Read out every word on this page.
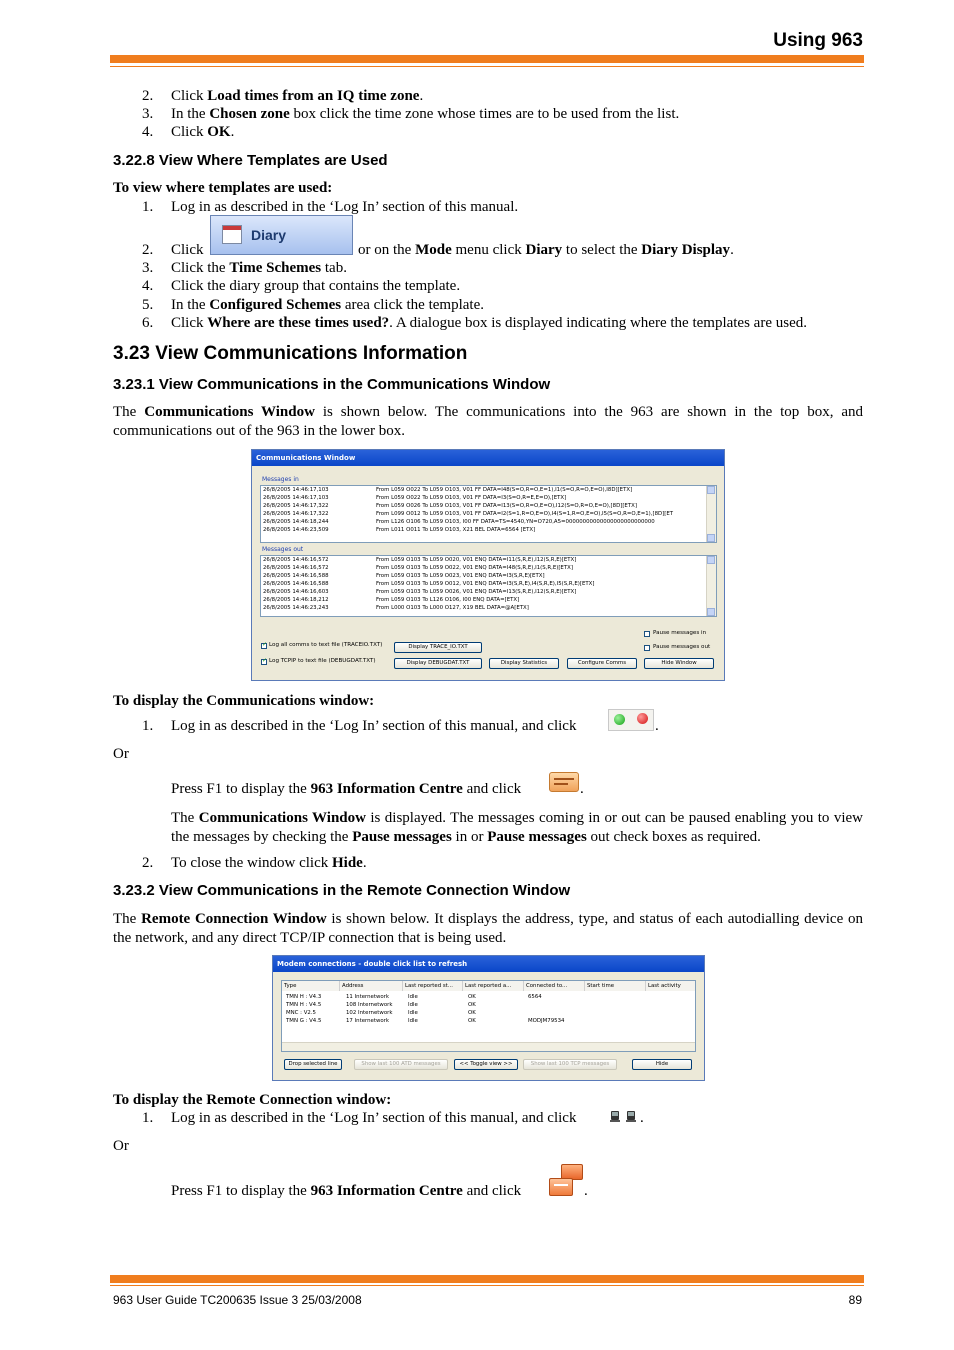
Using 963
2. Click Load times from an IQ time zone.
3. In the Chosen zone box click the time zone whose times are to be used from the list.
4. Click OK.
3.22.8 View Where Templates are Used
To view where templates are used:
1. Log in as described in the ‘Log In’ section of this manual.
2. Click
Diary
or on the Mode menu click Diary to select the Diary Display.
3. Click the Time Schemes tab.
4. Click the diary group that contains the template.
5. In the Configured Schemes area click the template.
6. Click Where are these times used?. A dialogue box is displayed indicating where the templates are used.
3.23 View Communications Information
3.23.1 View Communications in the Communications Window
The Communications Window is shown below. The communications into the 963 are shown in the top box, and communications out of the 963 in the lower box.
Communications Window
Messages in
26/8/2005 14:46:17,103	From L059 O022 To L059 O103, V01 FF DATA=I48(S=O,R=O,E=1),I1(S=O,R=O,E=O),I8D][ETX]
26/8/2005 14:46:17,103	From L059 O022 To L059 O103, V01 FF DATA=I3(S=O,R=E,E=O),[ETX]
26/8/2005 14:46:17,322	From L059 O026 To L059 O103, V01 FF DATA=I13(S=O,R=O,E=O),I12(S=O,R=O,E=O),[8D][ETX]
26/8/2005 14:46:17,322	From L099 O012 To L059 O103, V01 FF DATA=I2(S=1,R=O,E=O),I4(S=1,R=O,E=O),I5(S=O,R=O,E=1),[8D][ET
26/8/2005 14:46:18,244	From L126 O106 To L059 O103, I00 FF DATA=TS=4540,YN=O720,A5=00000000000000000000000000
26/8/2005 14:46:23,509	From L011 O011 To L059 O103, X21 BEL DATA=6564 [ETX]
Messages out
26/8/2005 14:46:16,572	From L059 O103 To L059 O020, V01 ENQ DATA=I11(S,R,E),I12(S,R,E)[ETX]
26/8/2005 14:46:16,572	From L059 O103 To L059 O022, V01 ENQ DATA=I48(S,R,E),I1(S,R,E)[ETX]
26/8/2005 14:46:16,588	From L059 O103 To L059 O023, V01 ENQ DATA=I3(S,R,E)[ETX]
26/8/2005 14:46:16,588	From L059 O103 To L059 O012, V01 ENQ DATA=I3(S,R,E),I4(S,R,E),I5(S,R,E)[ETX]
26/8/2005 14:46:16,603	From L059 O103 To L059 O026, V01 ENQ DATA=I13(S,R,E),I12(S,R,E)[ETX]
26/8/2005 14:46:18,212	From L059 O103 To L126 O106, I00 ENQ DATA=[ETX]
26/8/2005 14:46:23,243	From L000 O103 To L000 O127, X19 BEL DATA=@A[ETX]
Pause messages in
Pause messages out
✓
Log all comms to text file (TRACEIO.TXT)	Display TRACE_IO.TXT
✓
Log TCPIP to text file (DEBUGDAT.TXT)	Display DEBUGDAT.TXT	Display Statistics	Configure Comms	Hide Window
To display the Communications window:
1. Log in as described in the ‘Log In’ section of this manual, and click	.
Or
Press F1 to display the 963 Information Centre and click	.
The Communications Window is displayed. The messages coming in or out can be paused enabling you to view the messages by checking the Pause messages in or Pause messages out check boxes as required.
2. To close the window click Hide.
3.23.2 View Communications in the Remote Connection Window
The Remote Connection Window is shown below. It displays the address, type, and status of each autodialling device on the network, and any direct TCP/IP connection that is being used.
Modem connections - double click list to refresh
Type	Address	Last reported st...	Last reported a...	Connected to...	Start time	Last activity
TMN H : V4.3	11 Internetwork	Idle	OK	6564
TMN H : V4.5	108 Internetwork	Idle	OK
MNC : V2.5	102 Internetwork	Idle	OK
TMN G : V4.5	17 Internetwork	Idle	OK	MODJM79534
Drop selected line	Show last 100 ATD messages	<< Toggle view >>	Show last 100 TCP messages	Hide
To display the Remote Connection window:
1. Log in as described in the ‘Log In’ section of this manual, and click	.
Or
Press F1 to display the 963 Information Centre and click	.
963 User Guide TC200635 Issue 3 25/03/2008	89
